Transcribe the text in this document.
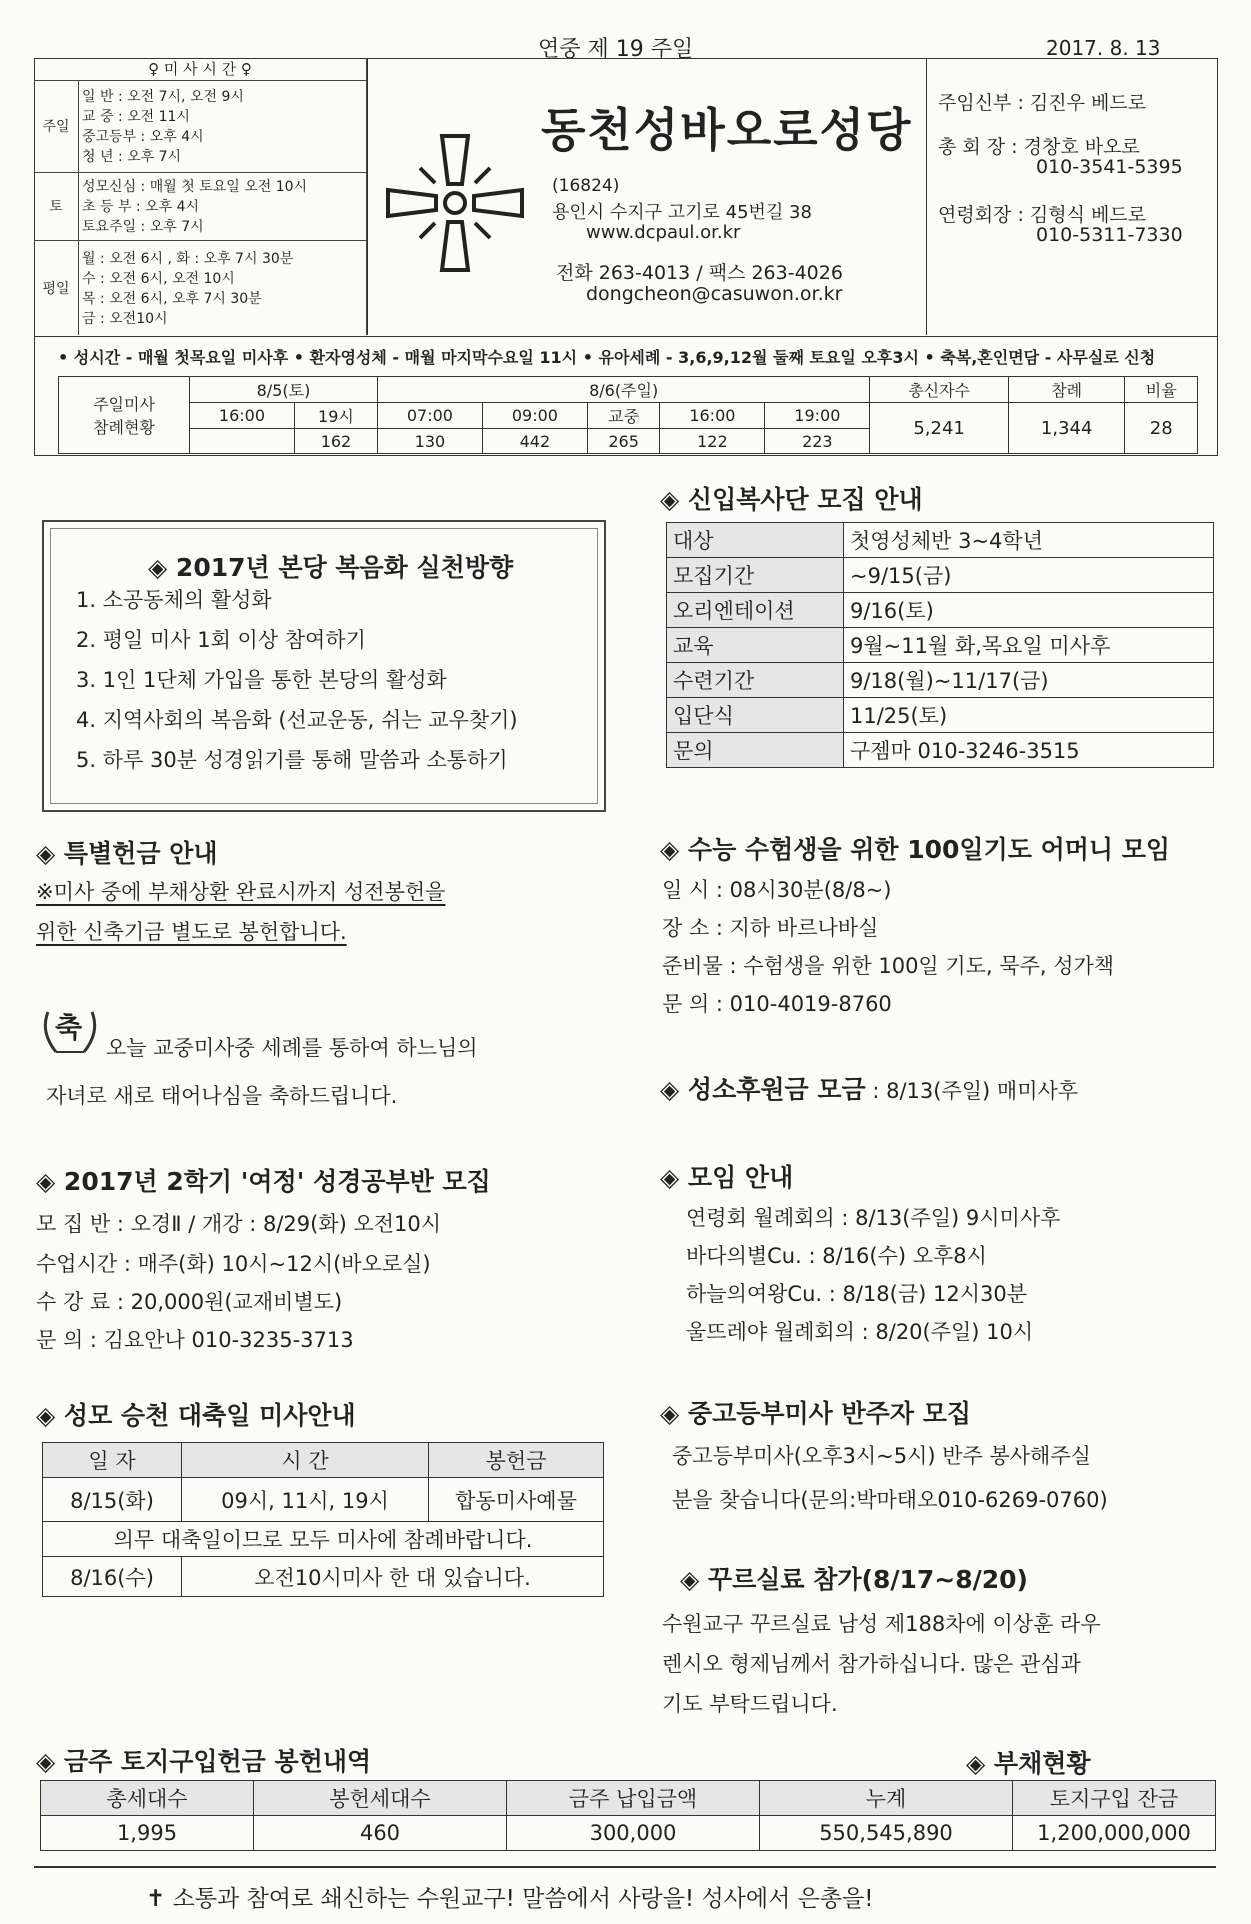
연중 제 19 주일	2017. 8. 13
♀ 미 사 시 간 ♀	
주일	일 반 : 오전 7시, 오전 9시
교 중 : 오전 11시
중고등부 : 오후 4시
청 년 : 오후 7시

토	성모신심 : 매월 첫 토요일 오전 10시
초 등 부 : 오후 4시
토요주일 : 오후 7시

평일	월 : 오전 6시 , 화 : 오후 7시 30분
수 : 오전 6시, 오전 10시
목 : 오전 6시, 오후 7시 30분
금 : 오전10시
동천성바오로성당
(16824)
용인시 수지구 고기로 45번길 38
www.dcpaul.or.kr
전화 263-4013 / 팩스 263-4026
dongcheon@casuwon.or.kr
주임신부 : 김진우 베드로
총 회 장 : 경창호 바오로
010-3541-5395
연령회장 : 김형식 베드로
010-5311-7330
• 성시간 - 매월 첫목요일 미사후 • 환자영성체 - 매월 마지막수요일 11시 • 유아세례 - 3,6,9,12월 둘째 토요일 오후3시 • 축복,혼인면담 - 사무실로 신청
주일미사
참례현황	8/5(토)		8/6(주일)					총신자수	참례	비율
	16:00	19시	07:00	09:00	교중	16:00	19:00	5,241	1,344	28
		162	130	442	265	122	223			
◈ 2017년 본당 복음화 실천방향
1. 소공동체의 활성화
2. 평일 미사 1회 이상 참여하기
3. 1인 1단체 가입을 통한 본당의 활성화
4. 지역사회의 복음화 (선교운동, 쉬는 교우찾기)
5. 하루 30분 성경읽기를 통해 말씀과 소통하기
◈ 특별헌금 안내
※미사 중에 부채상환 완료시까지 성전봉헌을
위한 신축기금 별도로 봉헌합니다.
축
오늘 교중미사중 세례를 통하여 하느님의
자녀로 새로 태어나심을 축하드립니다.
◈ 2017년 2학기 '여정' 성경공부반 모집
모 집 반 : 오경Ⅱ / 개강 : 8/29(화) 오전10시
수업시간 : 매주(화) 10시~12시(바오로실)
수 강 료 : 20,000원(교재비별도)
문 의 : 김요안나 010-3235-3713
◈ 성모 승천 대축일 미사안내
일 자	시 간	봉헌금
8/15(화)	09시, 11시, 19시	합동미사예물
의무 대축일이므로 모두 미사에 참례바랍니다.		
8/16(수)	오전10시미사 한 대 있습니다.	
◈ 신입복사단 모집 안내
대상	첫영성체반 3~4학년
모집기간	~9/15(금)
오리엔테이션	9/16(토)
교육	9월~11월 화,목요일 미사후
수련기간	9/18(월)~11/17(금)
입단식	11/25(토)
문의	구젬마 010-3246-3515
◈ 수능 수험생을 위한 100일기도 어머니 모임
일 시 : 08시30분(8/8~)
장 소 : 지하 바르나바실
준비물 : 수험생을 위한 100일 기도, 묵주, 성가책
문 의 : 010-4019-8760
◈ 성소후원금 모금 : 8/13(주일) 매미사후
◈ 모임 안내
연령회 월례회의 : 8/13(주일) 9시미사후
바다의별Cu. : 8/16(수) 오후8시
하늘의여왕Cu. : 8/18(금) 12시30분
울뜨레야 월례회의 : 8/20(주일) 10시
◈ 중고등부미사 반주자 모집
중고등부미사(오후3시~5시) 반주 봉사해주실
분을 찾습니다(문의:박마태오010-6269-0760)
◈ 꾸르실료 참가(8/17~8/20)
수원교구 꾸르실료 남성 제188차에 이상훈 라우
렌시오 형제님께서 참가하십니다. 많은 관심과
기도 부탁드립니다.
◈ 금주 토지구입헌금 봉헌내역	◈ 부채현황
총세대수	봉헌세대수	금주 납입금액	누계	토지구입 잔금
1,995	460	300,000	550,545,890	1,200,000,000
✝ 소통과 참여로 쇄신하는 수원교구! 말씀에서 사랑을! 성사에서 은총을!
